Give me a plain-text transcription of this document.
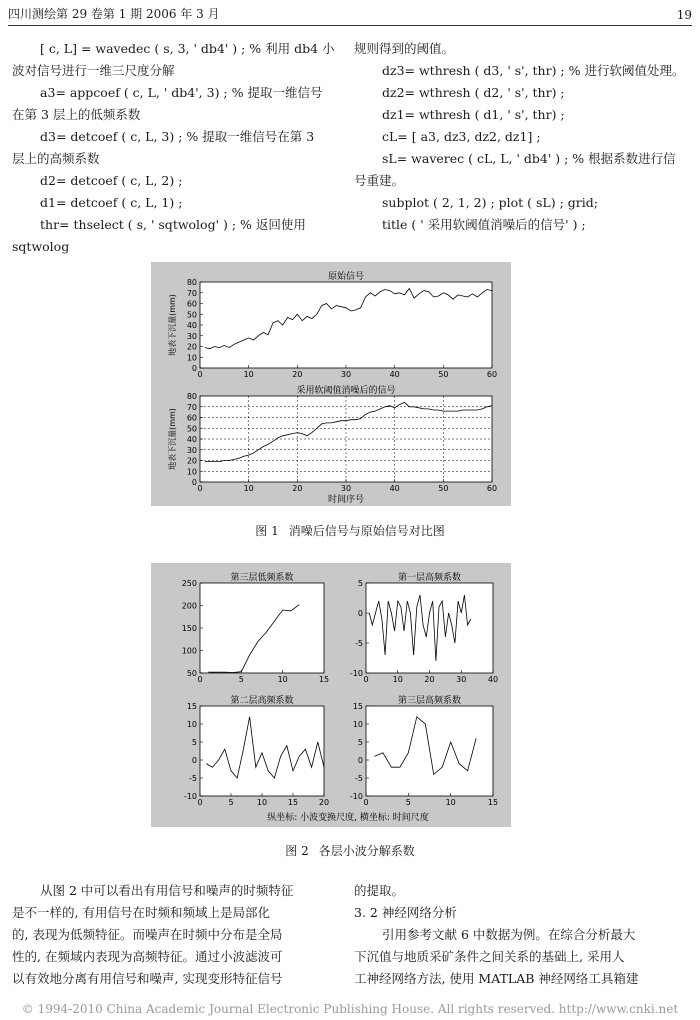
四川测绘第 29 卷第 1 期 2006 年 3 月	19

[ c, L] = wavedec ( s, 3, ' db4' ) ; % 利用 db4 小

波对信号进行一维三尺度分解

a3= appcoef ( c, L, ' db4', 3) ; % 提取一维信号

在第 3 层上的低频系数

d3= detcoef ( c, L, 3) ; % 提取一维信号在第 3

层上的高频系数

d2= detcoef ( c, L, 2) ;

d1= detcoef ( c, L, 1) ;

thr= thselect ( s, ' sqtwolog' ) ; % 返回使用 sqtwolog

规则得到的阈值。

dz3= wthresh ( d3, ' s', thr) ; % 进行软阈值处理。

dz2= wthresh ( d2, ' s', thr) ;

dz1= wthresh ( d1, ' s', thr) ;

cL= [ a3, dz3, dz2, dz1] ;

sL= waverec ( cL, L, ' db4' ) ; % 根据系数进行信

号重建。

subplot ( 2, 1, 2) ; plot ( sL) ; grid;

title ( ' 采用软阈值消噪后的信号' ) ;

0	10	20	30	40	50	60
0
10
20
30
40
50
60
70
80
原始信号
地表下沉量(mm)
0	10	20	30	40	50	60
0
10
20
30
40
50
60
70
80
采用软阈值消噪后的信号
地表下沉量(mm)
时间序号
图 1 消噪后信号与原始信号对比图
0	5	10	15
50
100
150
200
250
第三层低频系数
0	10	20	30	40
-10
-5
0
5
第一层高频系数
0	5	10	15	20
-10
-5
0
5
10
15
第二层高频系数
0	5	10	15
-10
-5
0
5
10
15
第三层高频系数
纵坐标: 小波变换尺度, 横坐标: 时间尺度
图 2 各层小波分解系数

从图 2 中可以看出有用信号和噪声的时频特征

是不一样的, 有用信号在时频和频域上是局部化

的, 表现为低频特征。而噪声在时频中分布是全局

性的, 在频域内表现为高频特征。通过小波滤波可

以有效地分离有用信号和噪声, 实现变形特征信号

的提取。

3. 2 神经网络分析

引用参考文献 6 中数据为例。在综合分析最大

下沉值与地质采矿条件之间关系的基础上, 采用人

工神经网络方法, 使用 MATLAB 神经网络工具箱建

© 1994-2010 China Academic Journal Electronic Publishing House. All rights reserved. http://www.cnki.net
